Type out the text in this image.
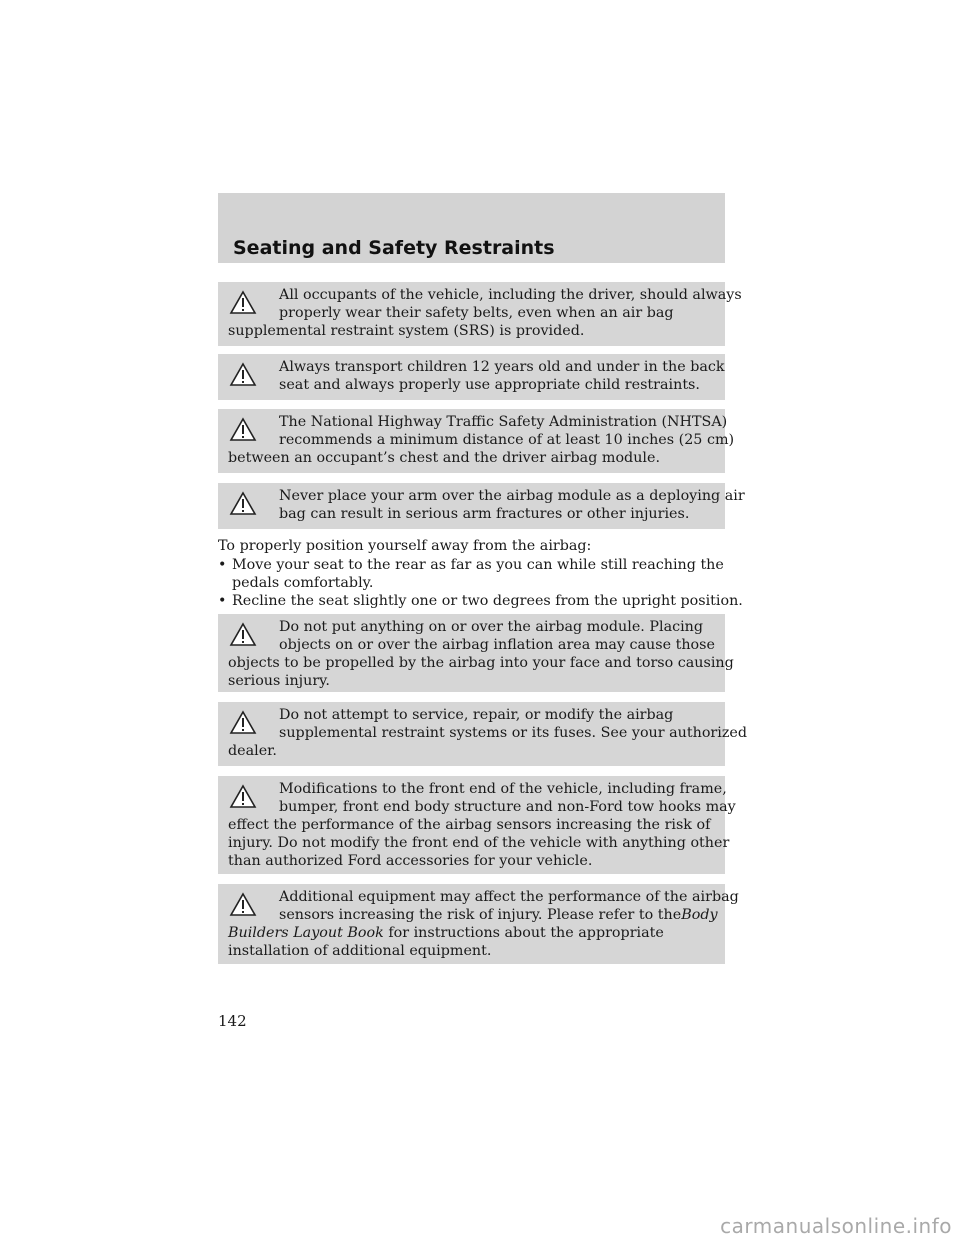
Seating and Safety Restraints
All occupants of the vehicle, including the driver, should always
properly wear their safety belts, even when an air bag
supplemental restraint system (SRS) is provided.
Always transport children 12 years old and under in the back
seat and always properly use appropriate child restraints.
The National Highway Traffic Safety Administration (NHTSA)
recommends a minimum distance of at least 10 inches (25 cm)
between an occupant’s chest and the driver airbag module.
Never place your arm over the airbag module as a deploying air
bag can result in serious arm fractures or other injuries.
To properly position yourself away from the airbag:
• Move your seat to the rear as far as you can while still reaching the
pedals comfortably.
• Recline the seat slightly one or two degrees from the upright position.
Do not put anything on or over the airbag module. Placing
objects on or over the airbag inflation area may cause those
objects to be propelled by the airbag into your face and torso causing
serious injury.
Do not attempt to service, repair, or modify the airbag
supplemental restraint systems or its fuses. See your authorized
dealer.
Modifications to the front end of the vehicle, including frame,
bumper, front end body structure and non-Ford tow hooks may
effect the performance of the airbag sensors increasing the risk of
injury. Do not modify the front end of the vehicle with anything other
than authorized Ford accessories for your vehicle.
Additional equipment may affect the performance of the airbag
sensors increasing the risk of injury. Please refer to theBody
Builders Layout Book for instructions about the appropriate
installation of additional equipment.
142
carmanualsonline.info
